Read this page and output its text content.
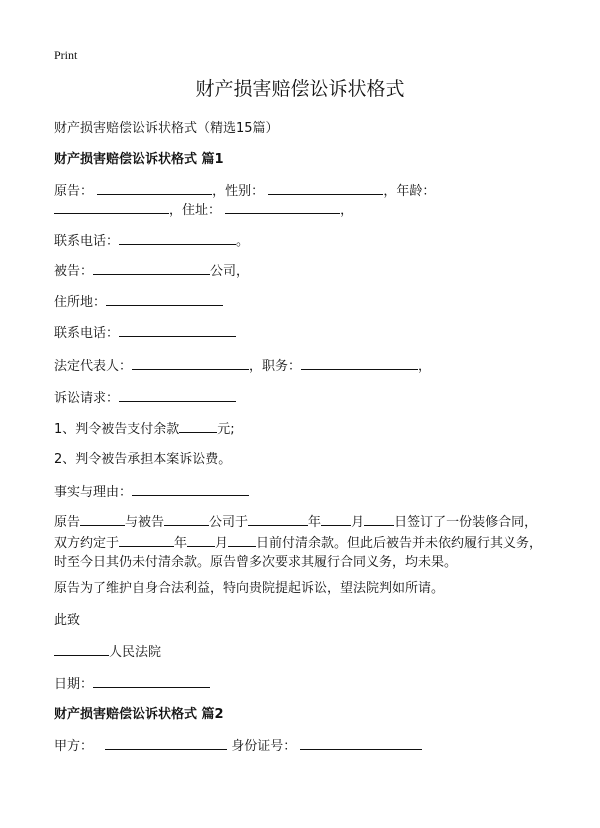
Print
财产损害赔偿讼诉状格式
财产损害赔偿讼诉状格式（精选15篇）
财产损害赔偿讼诉状格式 篇1
原告：	，性别：	，年龄：
，住址：	，
联系电话：	。
被告：	公司，
住所地：
联系电话：
法定代表人：	，职务：	，
诉讼请求：
1、判令被告支付余款	元;
2、判令被告承担本案诉讼费。
事实与理由：
原告	与被告	公司于	年 月 日签订了一份装修合同，双方约定于	年 月 日前付清余款。但此后被告并未依约履行其义务，时至今日其仍未付清余款。原告曾多次要求其履行合同义务，均未果。
原告为了维护自身合法利益，特向贵院提起诉讼，望法院判如所请。
此致
人民法院
日期：
财产损害赔偿讼诉状格式 篇2
甲方：	身份证号：
